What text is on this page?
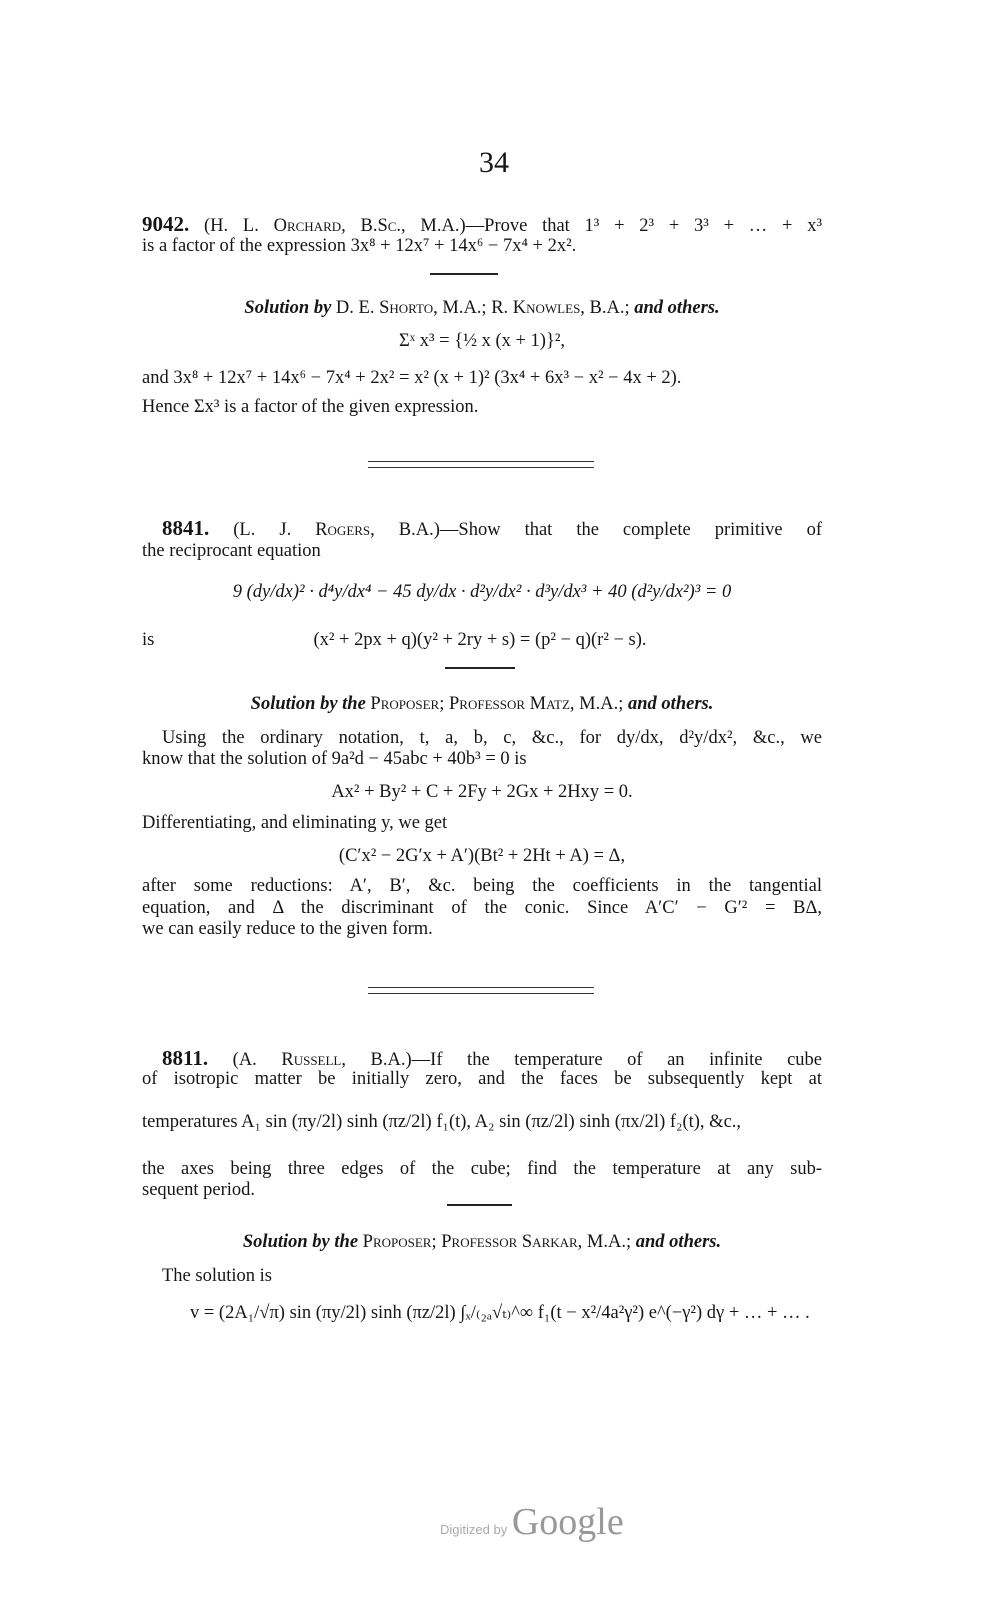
34
9042. (H. L. Orchard, B.Sc., M.A.)—Prove that 1³ + 2³ + 3³ + … + x³
is a factor of the expression 3x⁸ + 12x⁷ + 14x⁶ − 7x⁴ + 2x².
Solution by D. E. Shorto, M.A.; R. Knowles, B.A.; and others.
Σˣ x³ = {½ x (x + 1)}²,
and 3x⁸ + 12x⁷ + 14x⁶ − 7x⁴ + 2x² = x² (x + 1)² (3x⁴ + 6x³ − x² − 4x + 2).
Hence Σx³ is a factor of the given expression.
8841. (L. J. Rogers, B.A.)—Show that the complete primitive of
the reciprocant equation
9 (dy/dx)² · d⁴y/dx⁴ − 45 dy/dx · d²y/dx² · d³y/dx³ + 40 (d²y/dx²)³ = 0
is	(x² + 2px + q)(y² + 2ry + s) = (p² − q)(r² − s).
Solution by the Proposer; Professor Matz, M.A.; and others.
Using the ordinary notation, t, a, b, c, &c., for dy/dx, d²y/dx², &c., we
know that the solution of 9a²d − 45abc + 40b³ = 0 is
Ax² + By² + C + 2Fy + 2Gx + 2Hxy = 0.
Differentiating, and eliminating y, we get
(C′x² − 2G′x + A′)(Bt² + 2Ht + A) = Δ,
after some reductions: A′, B′, &c. being the coefficients in the tangential
equation, and Δ the discriminant of the conic. Since A′C′ − G′² = BΔ,
we can easily reduce to the given form.
8811. (A. Russell, B.A.)—If the temperature of an infinite cube
of isotropic matter be initially zero, and the faces be subsequently kept at
temperatures A₁ sin (πy/2l) sinh (πz/2l) f₁(t), A₂ sin (πz/2l) sinh (πx/2l) f₂(t), &c.,
the axes being three edges of the cube; find the temperature at any sub-
sequent period.
Solution by the Proposer; Professor Sarkar, M.A.; and others.
The solution is
v = (2A₁/√π) sin (πy/2l) sinh (πz/2l) ∫ₓ/₍₂ₐ√ₜ₎^∞ f₁(t − x²/4a²γ²) e^(−γ²) dγ + … + … .
Digitized by Google
